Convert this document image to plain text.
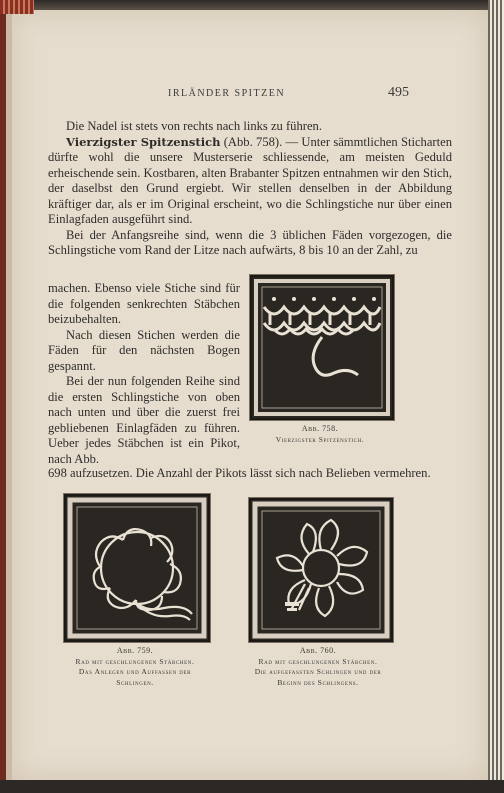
IRLÄNDER SPITZEN	495

Die Nadel ist stets von rechts nach links zu führen.

Vierzigster Spitzenstich (Abb. 758). — Unter sämmtlichen Sticharten dürfte wohl die unsere Musterserie schliessende, am meisten Geduld erheischende sein. Kostbaren, alten Brabanter Spitzen entnahmen wir den Stich, der daselbst den Grund ergiebt. Wir stellen denselben in der Abbildung kräftiger dar, als er im Original erscheint, wo die Schlingstiche nur über einen Einlagfaden ausgeführt sind.

Bei der Anfangsreihe sind, wenn die 3 üblichen Fäden vorgezogen, die Schlingstiche vom Rand der Litze nach aufwärts, 8 bis 10 an der Zahl, zu

machen. Ebenso viele Stiche sind für die folgenden senkrechten Stäbchen beizubehalten.

Nach diesen Stichen werden die Fäden für den nächsten Bogen gespannt.

Bei der nun folgenden Reihe sind die ersten Schlingstiche von oben nach unten und über die zuerst frei gebliebenen Einlagfäden zu führen. Ueber jedes Stäbchen ist ein Pikot, nach Abb.

698 aufzusetzen. Die Anzahl der Pikots lässt sich nach Belieben vermehren.

Abb. 758.
Vierzigster Spitzenstich.
Abb. 759.
Rad mit geschlungenen Stäbchen.
Das Anlegen und Auffassen der
Schlingen.
Abb. 760.
Rad mit geschlungenen Stäbchen.
Die aufgefassten Schlingen und der
Beginn des Schlingens.
